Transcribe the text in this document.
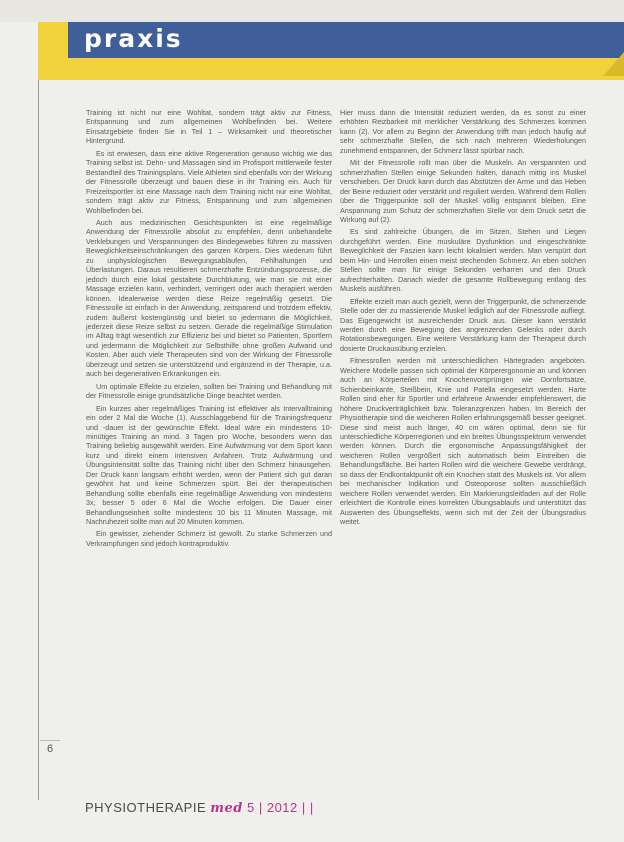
praxis
6

Training ist nicht nur eine Wohltat, sondern trägt aktiv zur Fitness, Entspannung und zum allgemeinen Wohlbefinden bei. Weitere Einsatzgebiete finden Sie in Teil 1 – Wirksamkeit und theoretischer Hintergrund.

Es ist erwiesen, dass eine aktive Regeneration genauso wichtig wie das Training selbst ist. Dehn- und Massagen sind im Profisport mittlerweile fester Bestandteil des Trainingsplans. Viele Athleten sind ebenfalls von der Wirkung der Fitnessrolle überzeugt und bauen diese in ihr Training ein. Auch für Freizeitsportler ist eine Massage nach dem Training nicht nur eine Wohltat, sondern trägt aktiv zur Fitness, Entspannung und zum allgemeinen Wohlbefinden bei.

Auch aus medizinischen Gesichtspunkten ist eine regelmäßige Anwendung der Fitnessrolle absolut zu empfehlen, denn unbehandelte Verklebungen und Verspannungen des Bindegewebes führen zu massiven Beweglichkeitseinschränkungen des ganzen Körpers. Dies wiederum führt zu unphysiologischen Bewegungsabläufen, Fehlhaltungen und Überlastungen. Daraus resultieren schmerzhafte Entzündungsprozesse, die jedoch durch eine lokal gestaltete Durchblutung, wie man sie mit einer Massage erzielen kann, verhindert, verringert oder auch therapiert werden können. Idealerweise werden diese Reize regelmäßig gesetzt. Die Fitnessrolle ist einfach in der Anwendung, zeitsparend und trotzdem effektiv, zudem äußerst kostengünstig und bietet so jedermann die Möglichkeit, jederzeit diese Reize selbst zu setzen. Gerade die regelmäßige Stimulation im Alltag trägt wesentlich zur Effizienz bei und bietet so Patienten, Sportlern und jedermann die Möglichkeit zur Selbsthilfe ohne großen Aufwand und Kosten. Aber auch viele Therapeuten sind von der Wirkung der Fitnessrolle überzeugt und setzen sie unterstützend und ergänzend in der Therapie, u.a. auch bei degenerativen Erkrankungen ein.

Um optimale Effekte zu erzielen, sollten bei Training und Behandlung mit der Fitnessrolle einige grundsätzliche Dinge beachtet werden.

Ein kurzes aber regelmäßiges Training ist effektiver als Intervalltraining ein oder 2 Mal die Woche (1). Ausschlaggebend für die Trainingsfrequenz und -dauer ist der gewünschte Effekt. Ideal wäre ein mindestens 10-minütiges Training an mind. 3 Tagen pro Woche, besonders wenn das Training beliebig ausgewählt werden. Eine Aufwärmung vor dem Sport kann kurz und direkt einem intensiven Anfahren. Trotz Aufwärmung und Übungsintensität sollte das Training nicht über den Schmerz hinausgehen. Der Druck kann langsam erhöht werden, wenn der Patient sich gut daran gewöhnt hat und keine Schmerzen spürt. Bei der therapeutischen Behandlung sollte ebenfalls eine regelmäßige Anwendung von mindestens 3x, besser 5 oder 6 Mal die Woche erfolgen. Die Dauer einer Behandlungseinheit sollte mindestens 10 bis 11 Minuten Massage, mit Nachruhezeit sollte man auf 20 Minuten kommen.

Ein gewisser, ziehender Schmerz ist gewollt. Zu starke Schmerzen und Verkrampfungen sind jedoch kontraproduktiv.

Hier muss dann die Intensität reduziert werden, da es sonst zu einer erhöhten Reizbarkeit mit merklicher Verstärkung des Schmerzes kommen kann (2). Vor allem zu Beginn der Anwendung trifft man jedoch häufig auf sehr schmerzhafte Stellen, die sich nach mehreren Wiederholungen zunehmend entspannen, der Schmerz lässt spürbar nach.

Mit der Fitnessrolle rollt man über die Muskeln. An verspannten und schmerzhaften Stellen einige Sekunden halten, danach mittig ins Muskel verschieben. Der Druck kann durch das Abstützen der Arme und das Heben der Beine reduziert oder verstärkt und reguliert werden. Während dem Rollen über die Triggerpunkte soll der Muskel völlig entspannt bleiben. Eine Anspannung zum Schutz der schmerzhaften Stelle vor dem Druck setzt die Wirkung auf (2).

Es sind zahlreiche Übungen, die im Sitzen, Stehen und Liegen durchgeführt werden. Eine muskuläre Dysfunktion und eingeschränkte Beweglichkeit der Faszien kann leicht lokalisiert werden. Man verspürt dort beim Hin- und Herrollen einen meist stechenden Schmerz. An eben solchen Stellen sollte man für einige Sekunden verharren und den Druck aufrechterhalten. Danach wieder die gesamte Rollbewegung entlang des Muskels ausführen.

Effekte erzielt man auch gezielt, wenn der Triggerpunkt, die schmerzende Stelle oder der zu massierende Muskel lediglich auf der Fitnessrolle aufliegt. Das Eigengewicht ist ausreichender Druck aus. Dieser kann verstärkt werden durch eine Bewegung des angrenzenden Gelenks oder durch Rotationsbewegungen. Eine weitere Verstärkung kann der Therapeut durch dosierte Druckausübung erzielen.

Fitnessrollen werden mit unterschiedlichen Härtegraden angeboten. Weichere Modelle passen sich optimal der Körperergonomie an und können auch an Körperteilen mit Knochenvorsprüngen wie Dornfortsätze, Schienbeinkante, Steißbein, Knie und Patella eingesetzt werden. Harte Rollen sind eher für Sportler und erfahrene Anwender empfehlenswert, die höhere Druckverträglichkeit bzw. Toleranzgrenzen haben. Im Bereich der Physiotherapie sind die weicheren Rollen erfahrungsgemäß besser geeignet. Diese sind meist auch länger, 40 cm wären optimal, denn sie für unterschiedliche Körperregionen und ein breites Übungsspektrum verwendet werden können. Durch die ergonomische Anpassungsfähigkeit der weicheren Rollen vergrößert sich automatisch beim Eintreiben die Behandlungsfläche. Bei harten Rollen wird die weichere Gewebe verdrängt, so dass der Endkontaktpunkt oft ein Knochen statt des Muskels ist. Vor allem bei mechanischer Indikation und Osteoporose sollten ausschließlich weichere Rollen verwendet werden. Ein Markierungsleitfaden auf der Rolle erleichtert die Kontrolle eines korrekten Übungsablaufs und unterstützt das Auswerten des Übungseffekts, wenn sich mit der Zeit der Übungsradius weitet.

PHYSIOTHERAPIE med 5 | 2012 | |
